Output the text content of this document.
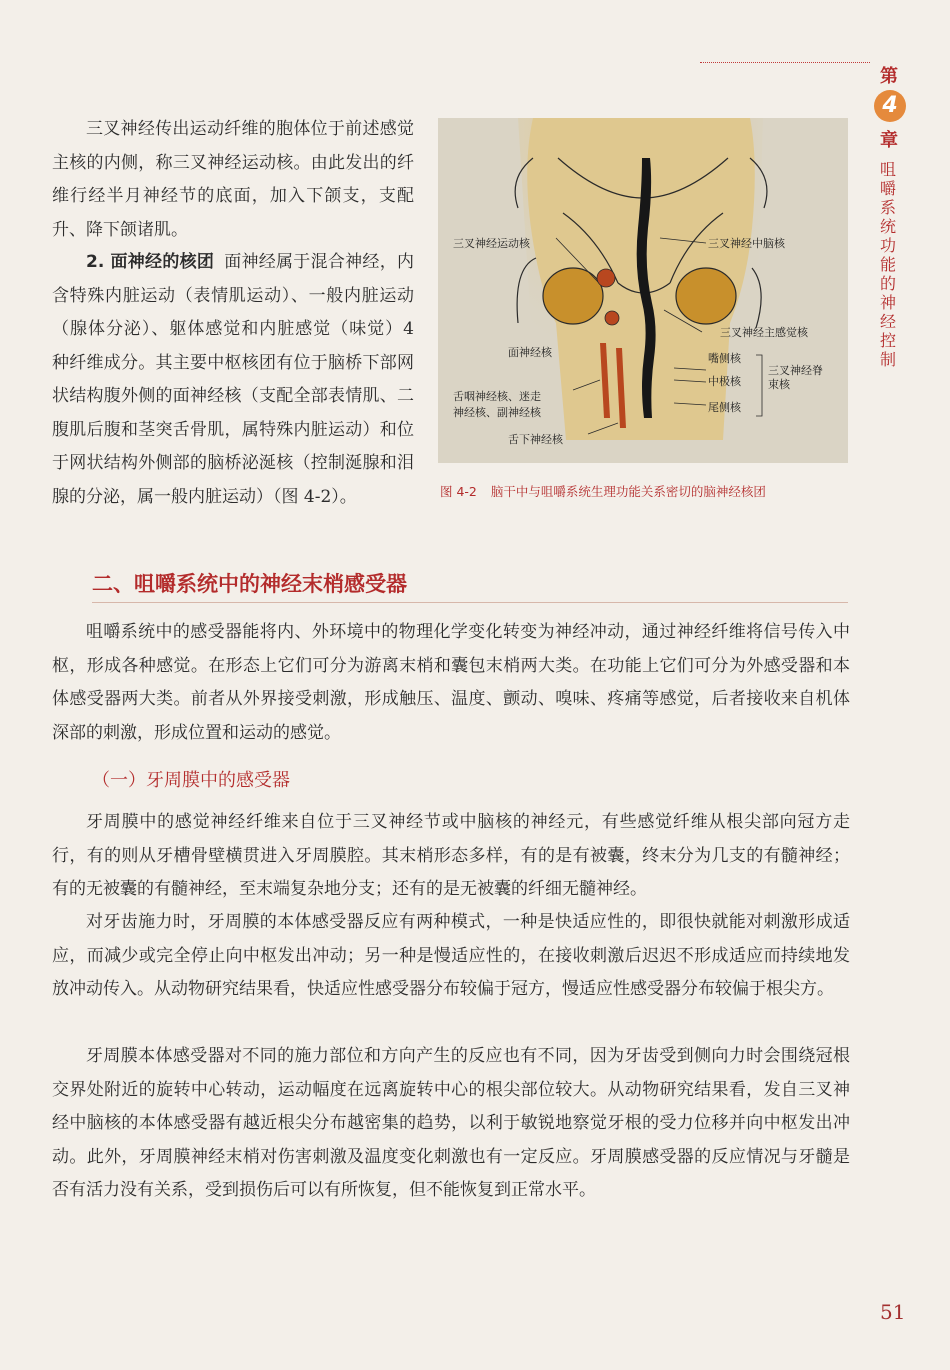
第
4
章
咀嚼系统功能的神经控制
三叉神经传出运动纤维的胞体位于前述感觉主核的内侧，称三叉神经运动核。由此发出的纤维行经半月神经节的底面，加入下颌支，支配升、降下颌诸肌。
2. 面神经的核团 面神经属于混合神经，内含特殊内脏运动（表情肌运动）、一般内脏运动（腺体分泌）、躯体感觉和内脏感觉（味觉）4 种纤维成分。其主要中枢核团有位于脑桥下部网状结构腹外侧的面神经核（支配全部表情肌、二腹肌后腹和茎突舌骨肌，属特殊内脏运动）和位于网状结构外侧部的脑桥泌涎核（控制涎腺和泪腺的分泌，属一般内脏运动）（图 4-2）。
三叉神经运动核	三叉神经中脑核
三叉神经主感觉核
面神经核	嘴侧核
中极核
尾侧核
三叉神经脊束核
舌咽神经核、迷走
神经核、副神经核
舌下神经核
图 4-2 脑干中与咀嚼系统生理功能关系密切的脑神经核团
二、咀嚼系统中的神经末梢感受器
咀嚼系统中的感受器能将内、外环境中的物理化学变化转变为神经冲动，通过神经纤维将信号传入中枢，形成各种感觉。在形态上它们可分为游离末梢和囊包末梢两大类。在功能上它们可分为外感受器和本体感受器两大类。前者从外界接受刺激，形成触压、温度、颤动、嗅味、疼痛等感觉，后者接收来自机体深部的刺激，形成位置和运动的感觉。
（一）牙周膜中的感受器
牙周膜中的感觉神经纤维来自位于三叉神经节或中脑核的神经元，有些感觉纤维从根尖部向冠方走行，有的则从牙槽骨壁横贯进入牙周膜腔。其末梢形态多样，有的是有被囊，终末分为几支的有髓神经；有的无被囊的有髓神经，至末端复杂地分支；还有的是无被囊的纤细无髓神经。
对牙齿施力时，牙周膜的本体感受器反应有两种模式，一种是快适应性的，即很快就能对刺激形成适应，而减少或完全停止向中枢发出冲动；另一种是慢适应性的，在接收刺激后迟迟不形成适应而持续地发放冲动传入。从动物研究结果看，快适应性感受器分布较偏于冠方，慢适应性感受器分布较偏于根尖方。
牙周膜本体感受器对不同的施力部位和方向产生的反应也有不同，因为牙齿受到侧向力时会围绕冠根交界处附近的旋转中心转动，运动幅度在远离旋转中心的根尖部位较大。从动物研究结果看，发自三叉神经中脑核的本体感受器有越近根尖分布越密集的趋势，以利于敏锐地察觉牙根的受力位移并向中枢发出冲动。此外，牙周膜神经末梢对伤害刺激及温度变化刺激也有一定反应。牙周膜感受器的反应情况与牙髓是否有活力没有关系，受到损伤后可以有所恢复，但不能恢复到正常水平。
51
